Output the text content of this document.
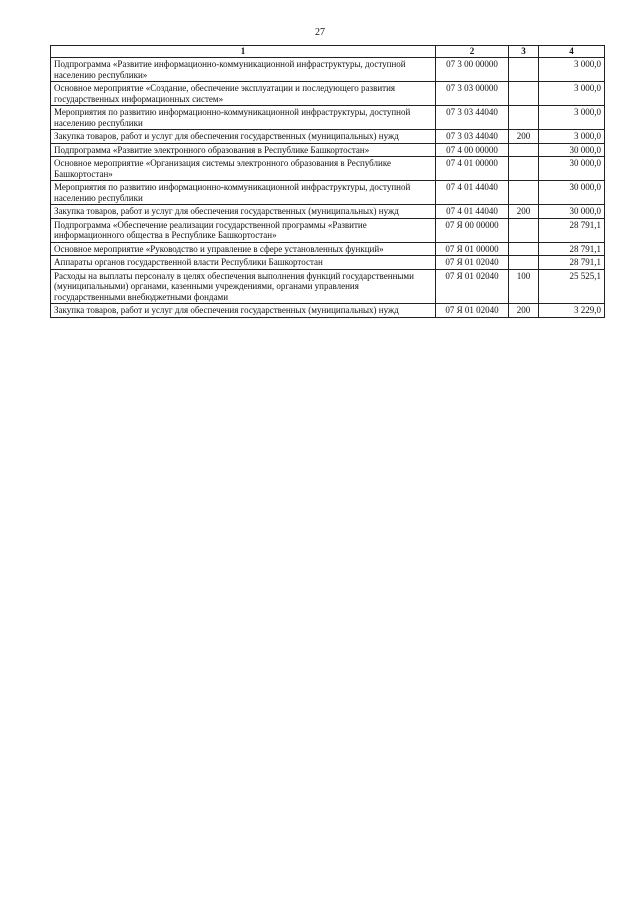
27
1	2	3	4
Подпрограмма «Развитие информационно-коммуникационной инфраструктуры, доступной населению республики»	07 3 00 00000		3 000,0
Основное мероприятие «Создание, обеспечение эксплуатации и последующего развития государственных информационных систем»	07 3 03 00000		3 000,0
Мероприятия по развитию информационно-коммуникационной инфраструктуры, доступной населению республики	07 3 03 44040		3 000,0
Закупка товаров, работ и услуг для обеспечения государственных (муниципальных) нужд	07 3 03 44040	200	3 000,0
Подпрограмма «Развитие электронного образования в Республике Башкортостан»	07 4 00 00000		30 000,0
Основное мероприятие «Организация системы электронного образования в Республике Башкортостан»	07 4 01 00000		30 000,0
Мероприятия по развитию информационно-коммуникационной инфраструктуры, доступной населению республики	07 4 01 44040		30 000,0
Закупка товаров, работ и услуг для обеспечения государственных (муниципальных) нужд	07 4 01 44040	200	30 000,0
Подпрограмма «Обеспечение реализации государственной программы «Развитие информационного общества в Республике Башкортостан»	07 Я 00 00000		28 791,1
Основное мероприятие «Руководство и управление в сфере установленных функций»	07 Я 01 00000		28 791,1
Аппараты органов государственной власти Республики Башкортостан	07 Я 01 02040		28 791,1
Расходы на выплаты персоналу в целях обеспечения выполнения функций государственными (муниципальными) органами, казенными учреждениями, органами управления государственными внебюджетными фондами	07 Я 01 02040	100	25 525,1
Закупка товаров, работ и услуг для обеспечения государственных (муниципальных) нужд	07 Я 01 02040	200	3 229,0
